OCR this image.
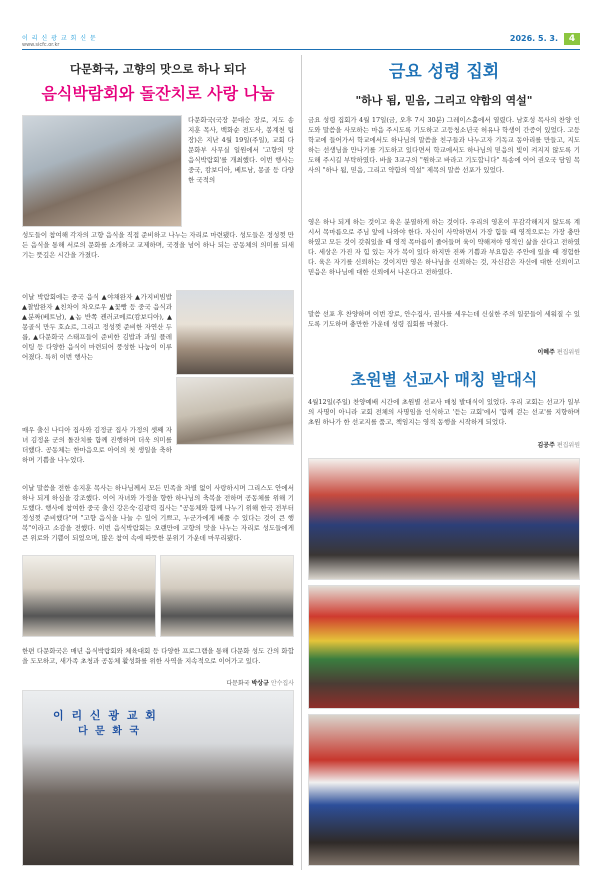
이 리 신 광 교 회 신 문
www.sicfc.or.kr
2026. 5. 3.	4
다문화국, 고향의 맛으로 하나 되다
음식박람회와 돌잔치로 사랑 나눔
다문화국(국장 문대승 장로, 지도 송지훈 목사, 백화순 전도사, 봉계천 팀장)은 지난 4월 19일(주일), 교회 다문화부 사무실 일원에서 '고향의 맛 음식박람회'를 개최했다. 이번 행사는 중국, 캄보디아, 베트남, 몽골 등 다양한 국적의
성도들이 참여해 각자의 고향 음식을 직접 준비하고 나누는 자리로 마련됐다. 성도들은 정성껏 만든 음식을 통해 서로의 문화를 소개하고 교제하며, 국경을 넘어 하나 되는 공동체의 의미를 되새기는 뜻깊은 시간을 가졌다.
이날 박람회에는 중국 음식 ▲야채완자 ▲가지비빔밥 ▲찰밥완자 ▲친차이 차오로우 ▲꽃빵 등 중국 음식과 ▲분짜(베트남), ▲놈 반쪽 켄러코메르(캄보디아), ▲몽골식 만두 호쇼르, 그리고 정성껏 준비한 자연산 두릅, ▲다문화국 스태프들이 준비한 김밥과 과일 플레이팅 등 다양한 음식이 마련되어 풍성한 나눔이 이루어졌다. 특히 이번 행사는
매우 출신 나디아 집사와 김정균 집사 가정의 셋째 자녀 김정윤 군의 돌잔치를 함께 진행하며 더욱 의미를 더했다. 공동체는 한마음으로 아이의 첫 생일을 축하하며 기쁨을 나누었다.
이날 말씀을 전한 송지훈 목사는 하나님께서 모든 민족을 차별 없이 사랑하시며 그리스도 안에서 하나 되게 하심을 강조했다. 이어 자녀와 가정을 향한 하나님의 축복을 전하며 공동체를 위해 기도했다. 행사에 참여한 중국 출신 강은숙·김광력 집사는 "공동체와 함께 나누기 위해 한국 전부터 정성껏 준비했다"며 "고향 음식을 나눌 수 있어 기쁘고, 누군가에게 배풀 수 있다는 것이 큰 행복"이라고 소감을 전했다. 이번 음식박람회는 오랜만에 고향의 맛을 나누는 자리로 성도들에게 큰 위로와 기쁨이 되었으며, 많은 참여 속에 따뜻한 분위기 가운데 마무리됐다.
한편 다문화국은 매년 음식박람회와 체육대회 등 다양한 프로그램을 통해 다문화 성도 간의 화합을 도모하고, 새가족 초청과 공동체 활성화를 위한 사역을 지속적으로 이어가고 있다.
다문화국 박상규 안수집사
이 리 신 광 교 회
다 문 화 국
금요 성령 집회
"하나 됨, 믿음, 그리고 약함의 역설"
금요 성령 집회가 4월 17일(금, 오후 7시 30분) 그레이스홀에서 열렸다. 남호성 목사의 찬양 인도와 말씀을 사모하는 마음 주시도록 기도하고 고등청소년국 허유나 학생이 간증이 있었다. 고등학교에 들어가서 학교에서도 하나님의 말씀을 친구들과 나누고자 기독교 동아리를 만들고, 지도하는 선생님을 만나기를 기도하고 있다면서 학교에서도 하나님의 믿음의 빛이 켜지지 않도록 기도해 주시길 부탁하였다. 바울 3교구의 "원하고 바라고 기도합니다" 특송에 이어 권오국 담임 목사의 "하나 됨, 믿음, 그리고 약함의 역설" 제목의 말씀 선포가 있었다.
영은 하나 되게 하는 것이고 육은 분열하게 하는 것이다. 우리의 영혼이 무감각해지지 않도록 계시서 목마름으로 주님 앞에 나와야 한다. 자신이 사악하면서 가장 힘들 때 영적으로는 가장 충만하였고 모든 것이 갖춰있을 때 영적 목마름이 줄어들며 육이 약해져야 영적인 삶을 산다고 전하였다. 세상은 가진 자 힘 있는 자가 복이 있다 하지만 진짜 기쁨과 부요함은 주안에 있을 때 경험한다. 육은 자기를 신뢰하는 것이지만 영은 하나님을 신뢰하는 것, 자신감은 자신에 대한 신뢰이고 믿음은 하나님에 대한 신뢰에서 나온다고 전하였다.
말씀 선포 후 찬양하며 이번 장로, 안수집사, 권사를 세우는데 신실한 주의 일꾼들이 세워질 수 있도록 기도하며 충만한 가운데 성령 집회를 마쳤다.
이혜주 편집위원
초원별 선교사 매칭 발대식
4월12일(주일) 찬양예배 시간에 초원별 선교사 매칭 발대식이 있었다. 우리 교회는 선교가 일부의 사명이 아니라 교회 전체의 사명임을 인식하고 '듣는 교회'에서 '함께 걷는 선교'를 지향하며 초원 하나가 한 선교지를 품고, 책임지는 영적 동행을 시작하게 되었다.
김공주 편집위원
